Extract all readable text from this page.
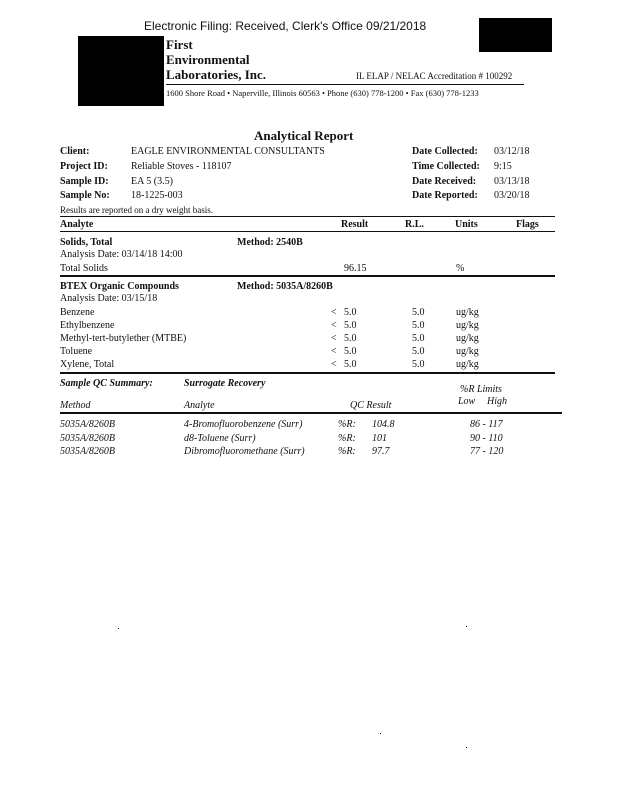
Electronic Filing: Received, Clerk's Office 09/21/2018
First
Environmental
Laboratories, Inc.	IL ELAP / NELAC Accreditation # 100292
1600 Shore Road • Naperville, Illinois 60563 • Phone (630) 778-1200 • Fax (630) 778-1233
Analytical Report
Client:	EAGLE ENVIRONMENTAL CONSULTANTS
Project ID: Reliable Stoves - 118107
Sample ID: EA 5 (3.5)
Sample No: 18-1225-003
Date Collected: 03/12/18
Time Collected: 9:15
Date Received: 03/13/18
Date Reported: 03/20/18
Results are reported on a dry weight basis.
Analyte	Result	R.L.	Units	Flags
Solids, Total	Method: 2540B
Analysis Date: 03/14/18 14:00
Total Solids	96.15	%
BTEX Organic Compounds	Method: 5035A/8260B
Analysis Date: 03/15/18
Benzene	< 5.0	5.0	ug/kg
Ethylbenzene	< 5.0	5.0	ug/kg
Methyl-tert-butylether (MTBE)	< 5.0	5.0	ug/kg
Toluene	< 5.0	5.0	ug/kg
Xylene, Total	< 5.0	5.0	ug/kg
Sample QC Summary:	Surrogate Recovery
%R Limits
Low High
Method	Analyte	QC Result
5035A/8260B	4-Bromofluorobenzene (Surr)	%R: 104.8	86 - 117
5035A/8260B	d8-Toluene (Surr)	%R: 101	90 - 110
5035A/8260B	Dibromofluoromethane (Surr)	%R: 97.7	77 - 120
